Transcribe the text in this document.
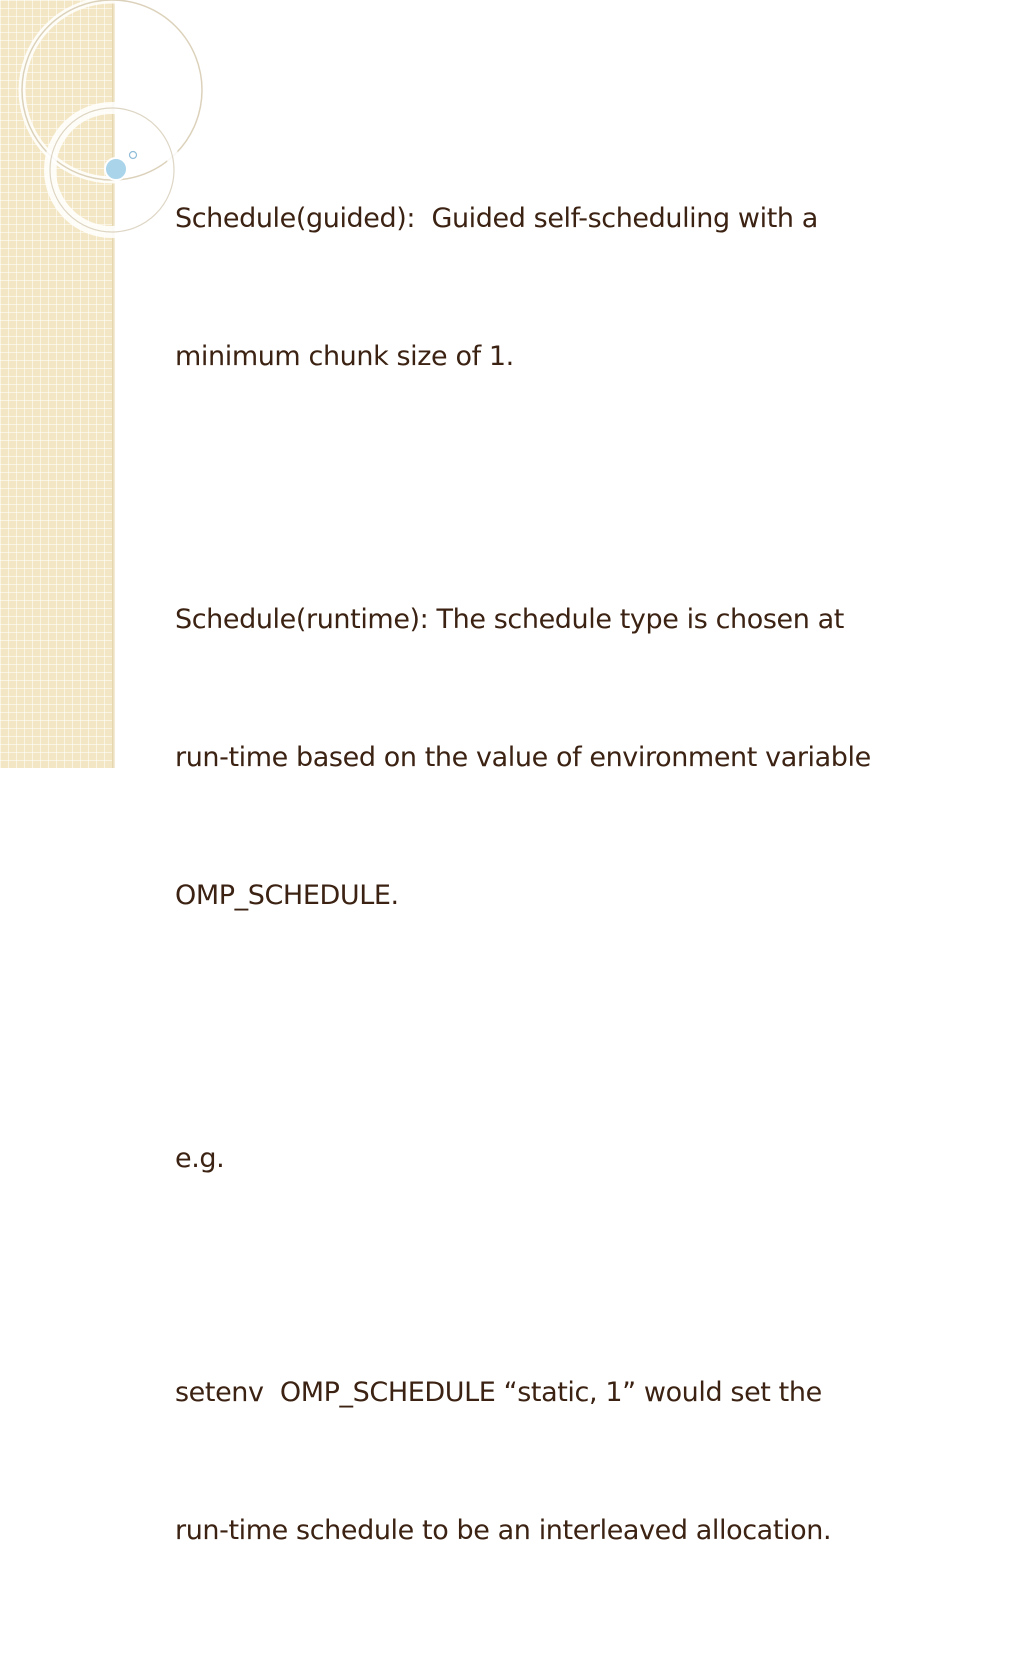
Schedule(guided):  Guided self-scheduling with a

minimum chunk size of 1.

Schedule(runtime): The schedule type is chosen at

run-time based on the value of environment variable

OMP_SCHEDULE.

e.g.

setenv  OMP_SCHEDULE “static, 1” would set the

run-time schedule to be an interleaved allocation.
